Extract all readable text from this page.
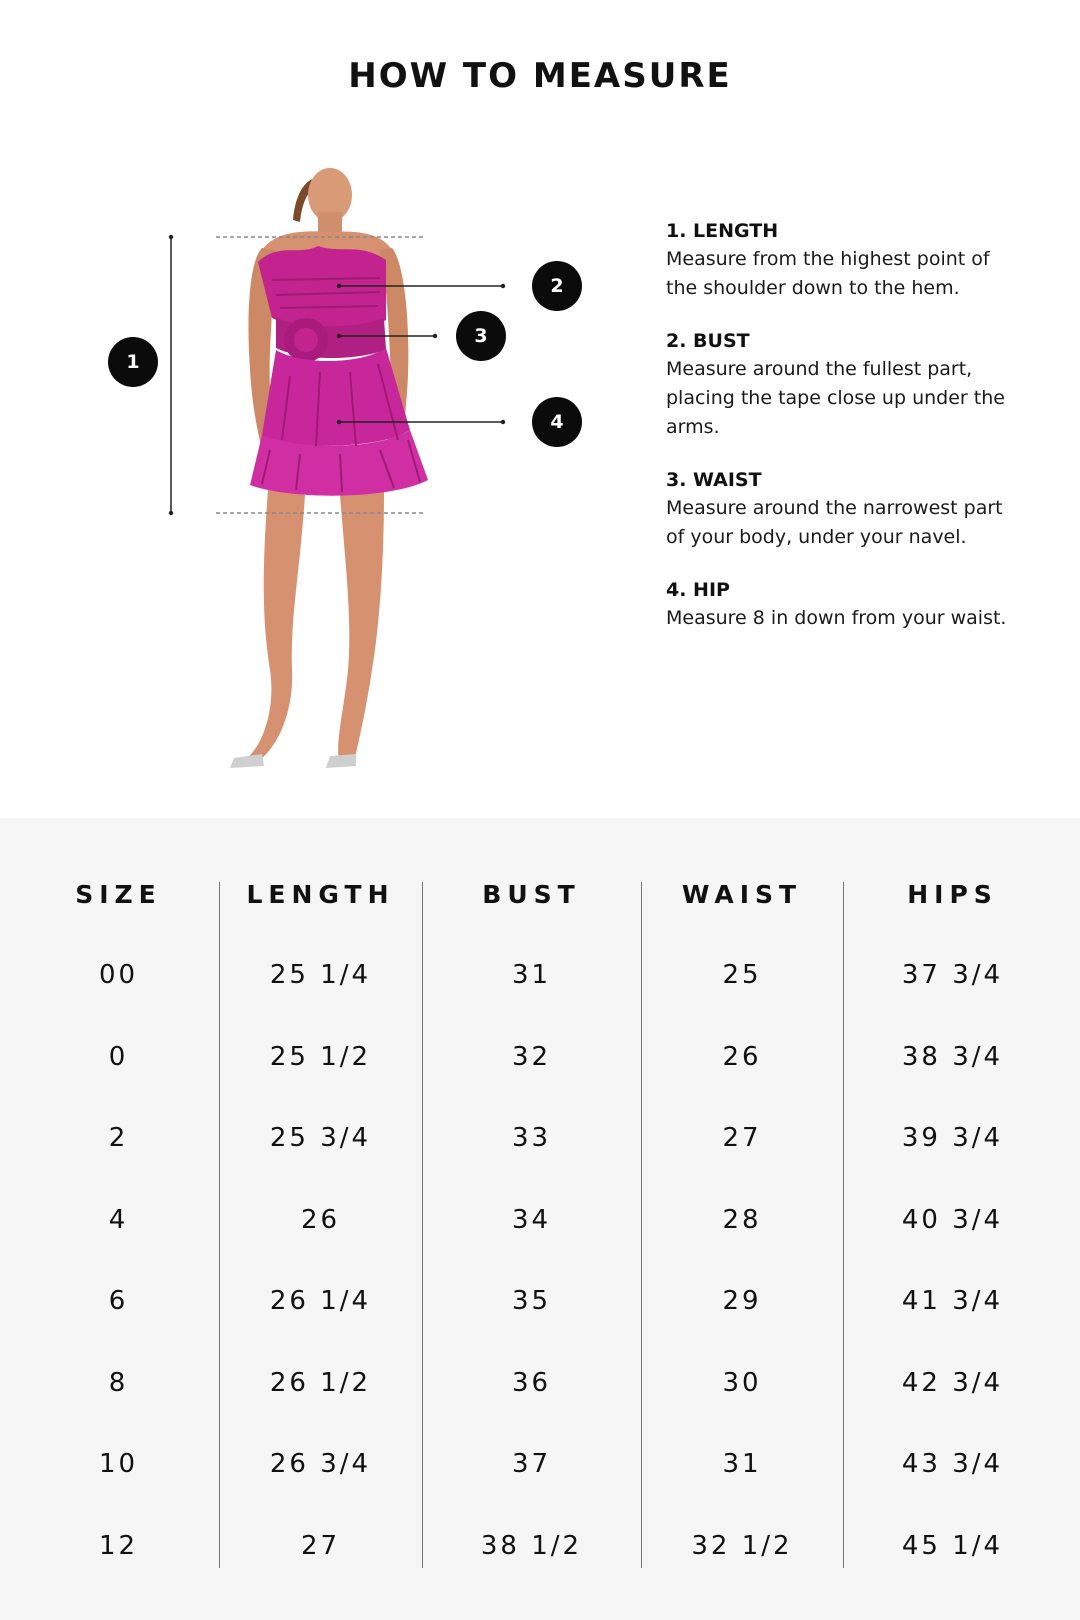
HOW TO MEASURE
1
2
3
4
1. LENGTH
Measure from the highest point of the shoulder down to the hem.
2. BUST
Measure around the fullest part, placing the tape close up under the arms.
3. WAIST
Measure around the narrowest part of your body, under your navel.
4. HIP
Measure 8 in down from your waist.
SIZE
00
0
2
4
6
8
10
12
LENGTH
25 1/4
25 1/2
25 3/4
26
26 1/4
26 1/2
26 3/4
27
BUST
31
32
33
34
35
36
37
38 1/2
WAIST
25
26
27
28
29
30
31
32 1/2
HIPS
37 3/4
38 3/4
39 3/4
40 3/4
41 3/4
42 3/4
43 3/4
45 1/4
